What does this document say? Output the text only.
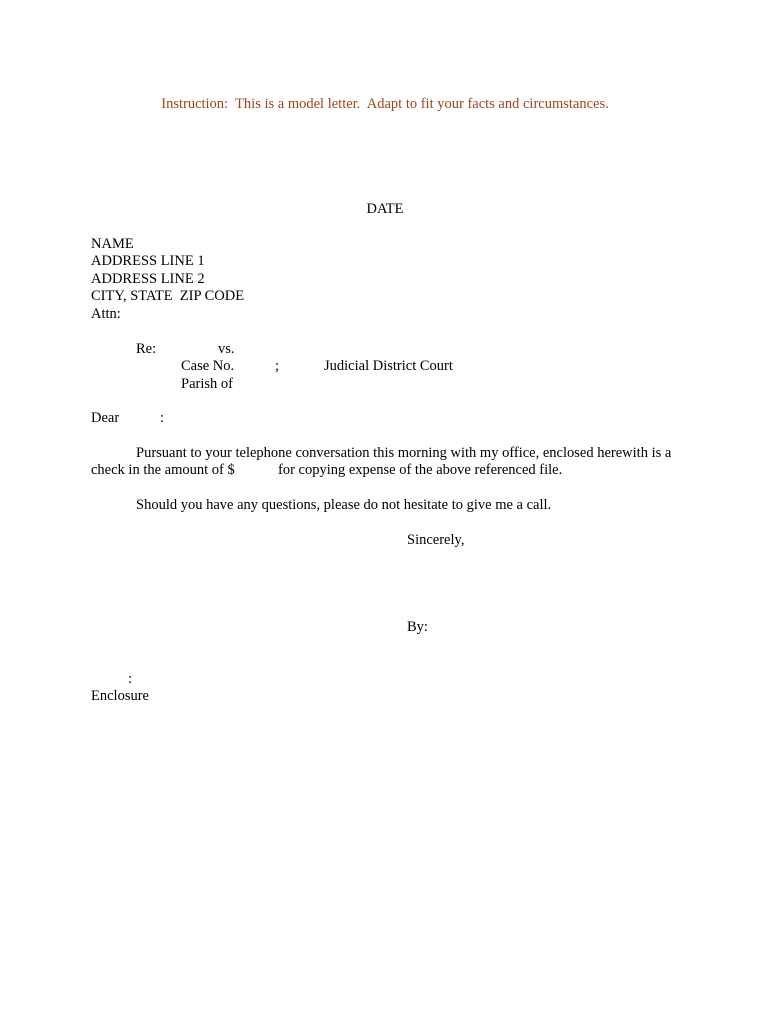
Instruction:  This is a model letter.  Adapt to fit your facts and circumstances.
DATE
NAME
ADDRESS LINE 1
ADDRESS LINE 2
CITY, STATE  ZIP CODE
Attn:
Re:	vs.
Case No.	;	Judicial District Court
Parish of
Dear	:
Pursuant to your telephone conversation this morning with my office, enclosed herewith is a
check in the amount of $	for copying expense of the above referenced file.
Should you have any questions, please do not hesitate to give me a call.
Sincerely,
By:
:
Enclosure
